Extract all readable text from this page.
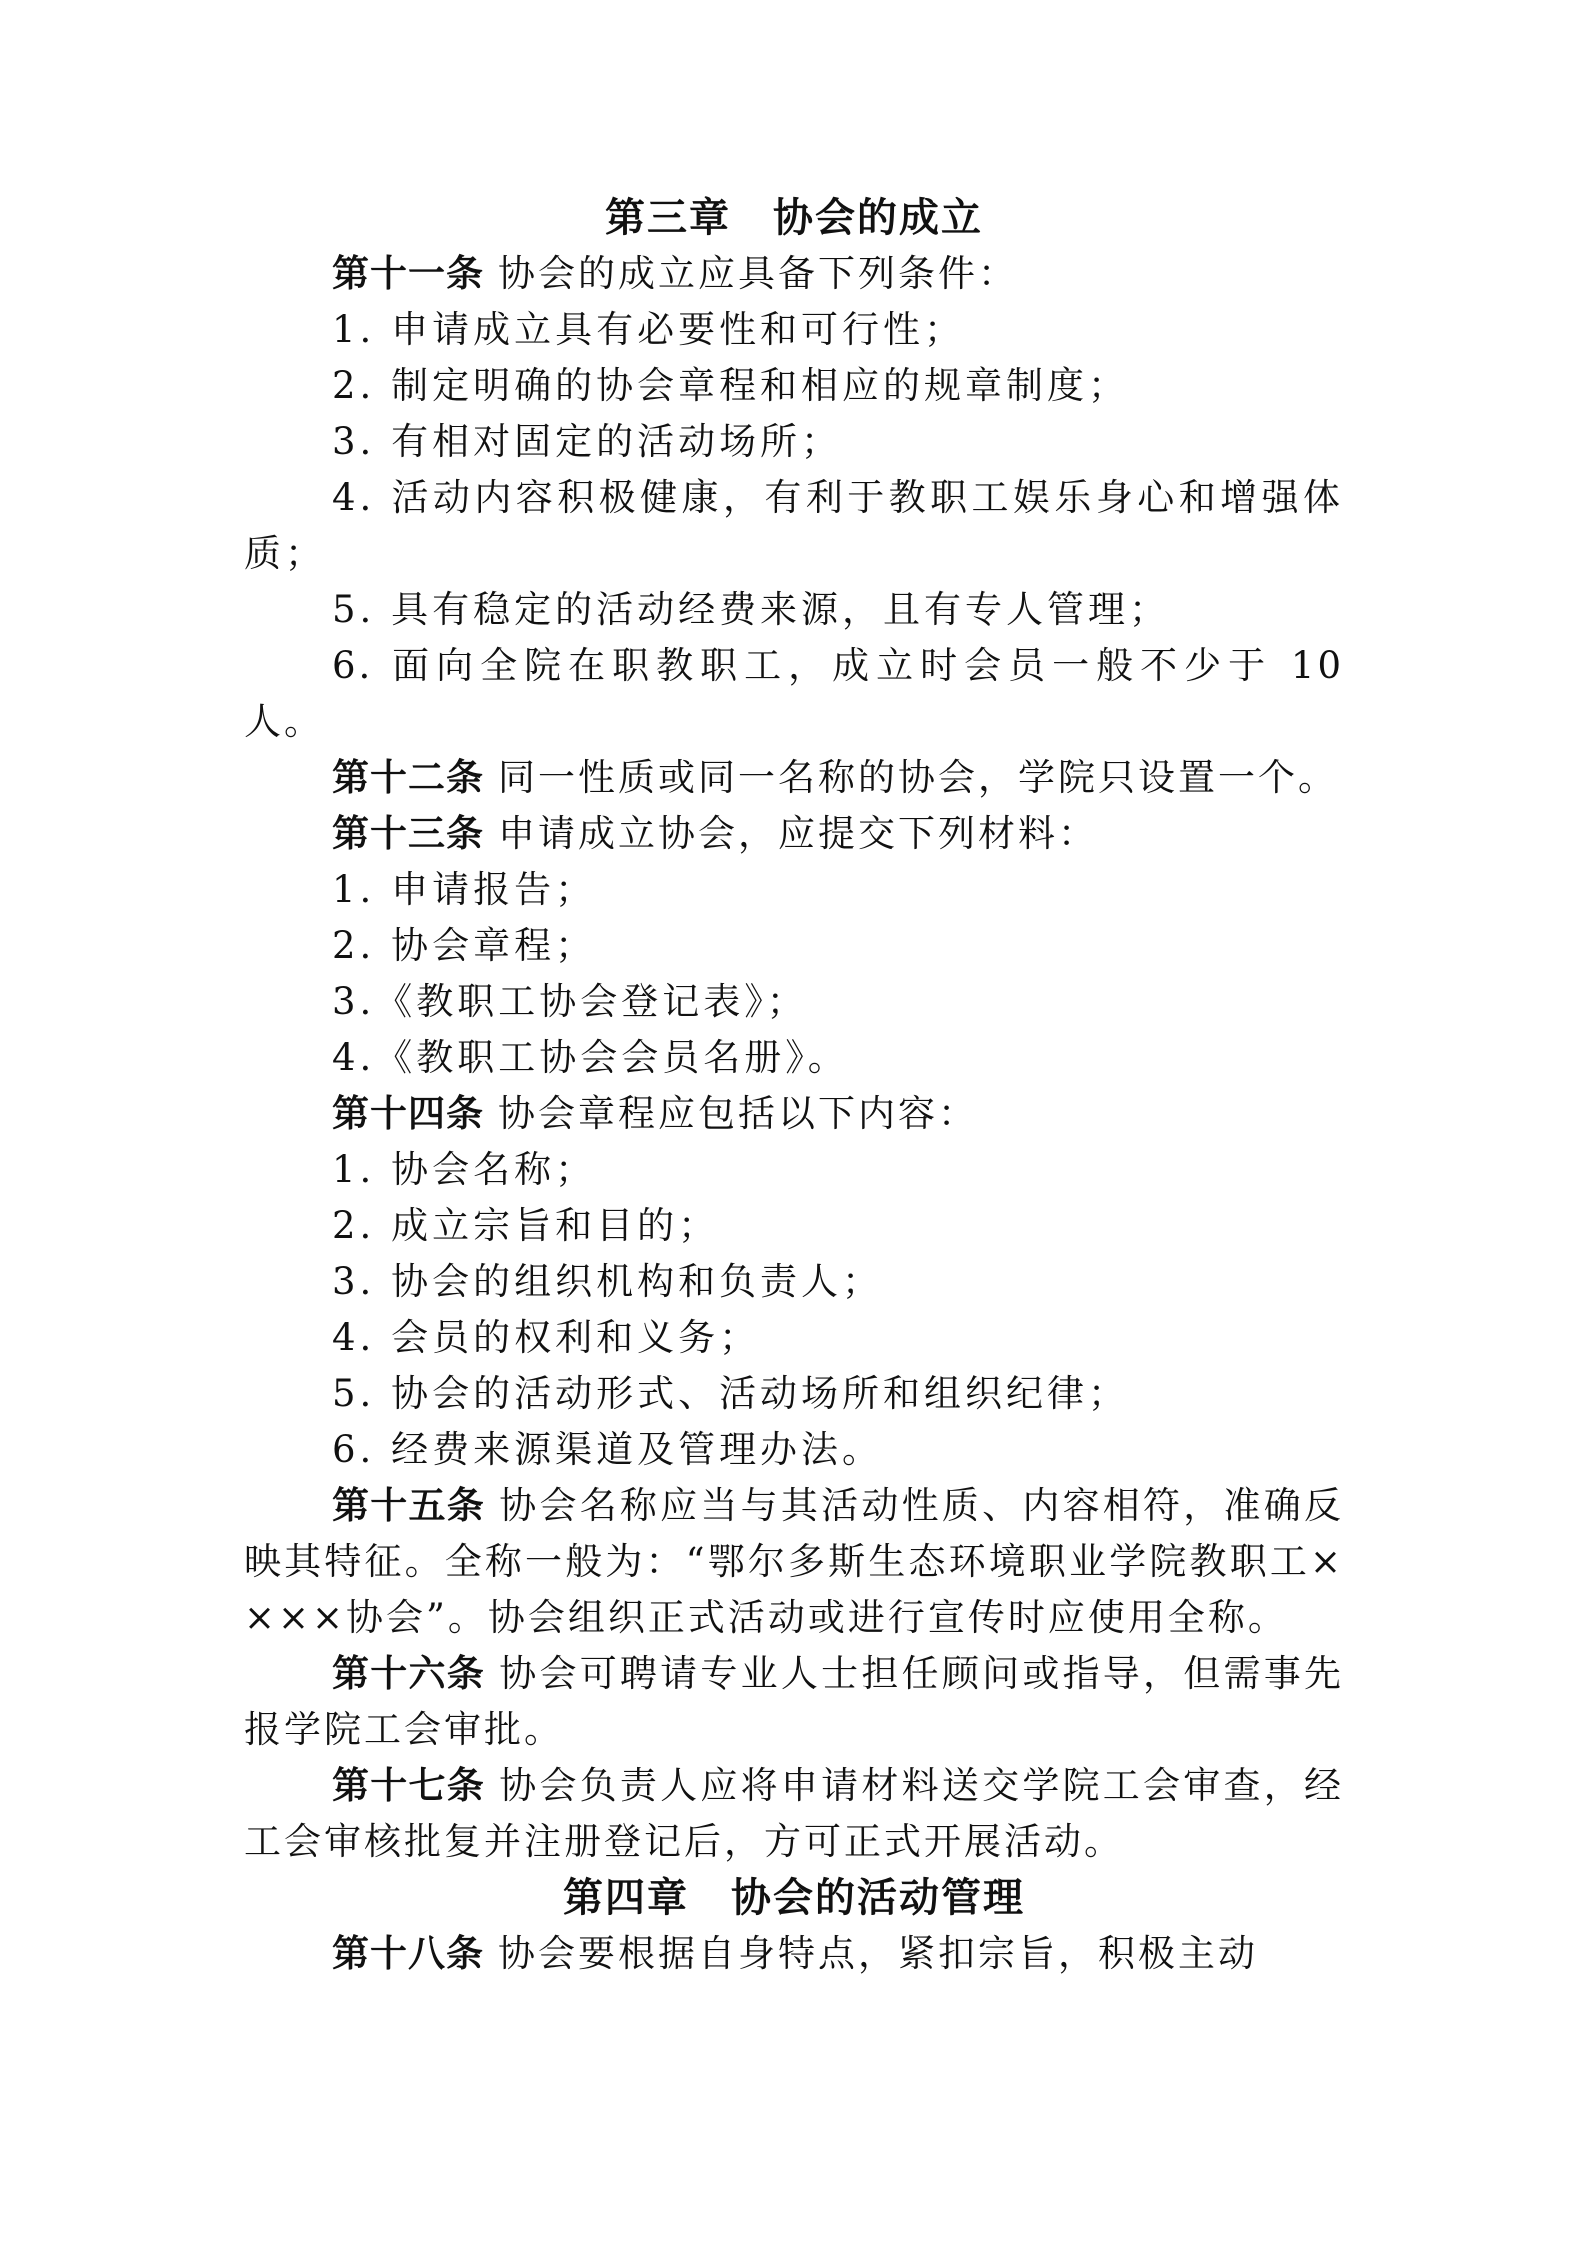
第三章　协会的成立

第十一条 协会的成立应具备下列条件：

1. 申请成立具有必要性和可行性；

2. 制定明确的协会章程和相应的规章制度；

3. 有相对固定的活动场所；

4. 活动内容积极健康，有利于教职工娱乐身心和增强体质；

5. 具有稳定的活动经费来源，且有专人管理；

6. 面向全院在职教职工，成立时会员一般不少于 10 人。

第十二条 同一性质或同一名称的协会，学院只设置一个。

第十三条 申请成立协会，应提交下列材料：

1. 申请报告；

2. 协会章程；

3.《教职工协会登记表》；

4.《教职工协会会员名册》。

第十四条 协会章程应包括以下内容：

1. 协会名称；

2. 成立宗旨和目的；

3. 协会的组织机构和负责人；

4. 会员的权利和义务；

5. 协会的活动形式、活动场所和组织纪律；

6. 经费来源渠道及管理办法。

第十五条 协会名称应当与其活动性质、内容相符，准确反映其特征。全称一般为：“鄂尔多斯生态环境职业学院教职工××××协会”。协会组织正式活动或进行宣传时应使用全称。

第十六条 协会可聘请专业人士担任顾问或指导，但需事先报学院工会审批。

第十七条 协会负责人应将申请材料送交学院工会审查，经工会审核批复并注册登记后，方可正式开展活动。

第四章　协会的活动管理

第十八条 协会要根据自身特点，紧扣宗旨，积极主动
